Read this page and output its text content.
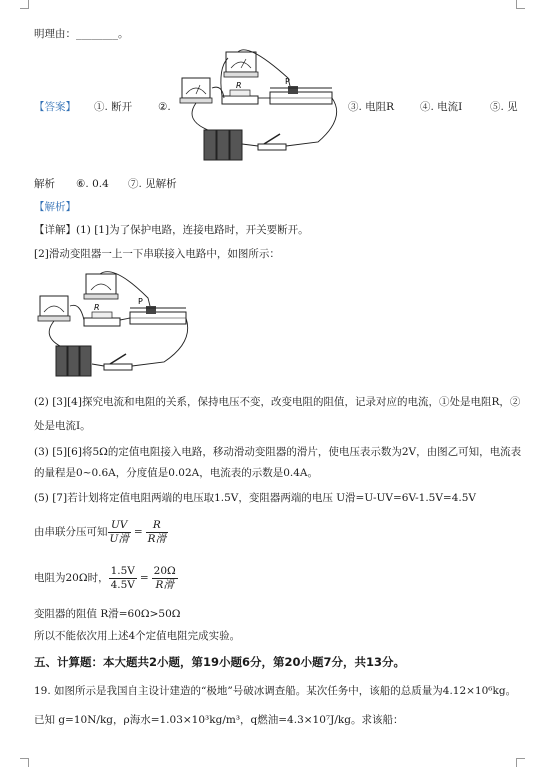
明理由：________。
【答案】 ①. 断开 ②.	③. 电阻R ④. 电流I	⑤. 见
R	P
解析 ⑥. 0.4 ⑦. 见解析
【解析】
【详解】(1) [1]为了保护电路，连接电路时，开关要断开。
[2]滑动变阻器一上一下串联接入电路中，如图所示：
R
P
(2) [3][4]探究电流和电阻的关系，保持电压不变，改变电阻的阻值，记录对应的电流，①处是电阻R，②
处是电流I。
(3) [5][6]将5Ω的定值电阻接入电路，移动滑动变阻器的滑片，使电压表示数为2V，由图乙可知，电流表
的量程是0~0.6A，分度值是0.02A，电流表的示数是0.4A。
(5) [7]若计划将定值电阻两端的电压取1.5V，变阻器两端的电压 U滑=U-UV=6V-1.5V=4.5V
由串联分压可知 $\frac{UV}{\text{U滑}} = \frac{R}{\text{R滑}}$
电阻为20Ω时， $\frac{1.5V}{4.5V} = \frac{20\Omega}{\text{R滑}}$
变阻器的阻值 R滑=60Ω>50Ω
所以不能依次用上述4个定值电阻完成实验。
五、计算题：本大题共2小题，第19小题6分，第20小题7分，共13分。
19. 如图所示是我国自主设计建造的“极地”号破冰调查船。某次任务中，该船的总质量为4.12×10⁶kg。
已知 g=10N/kg，ρ海水=1.03×10³kg/m³，q燃油=4.3×10⁷J/kg。求该船：
